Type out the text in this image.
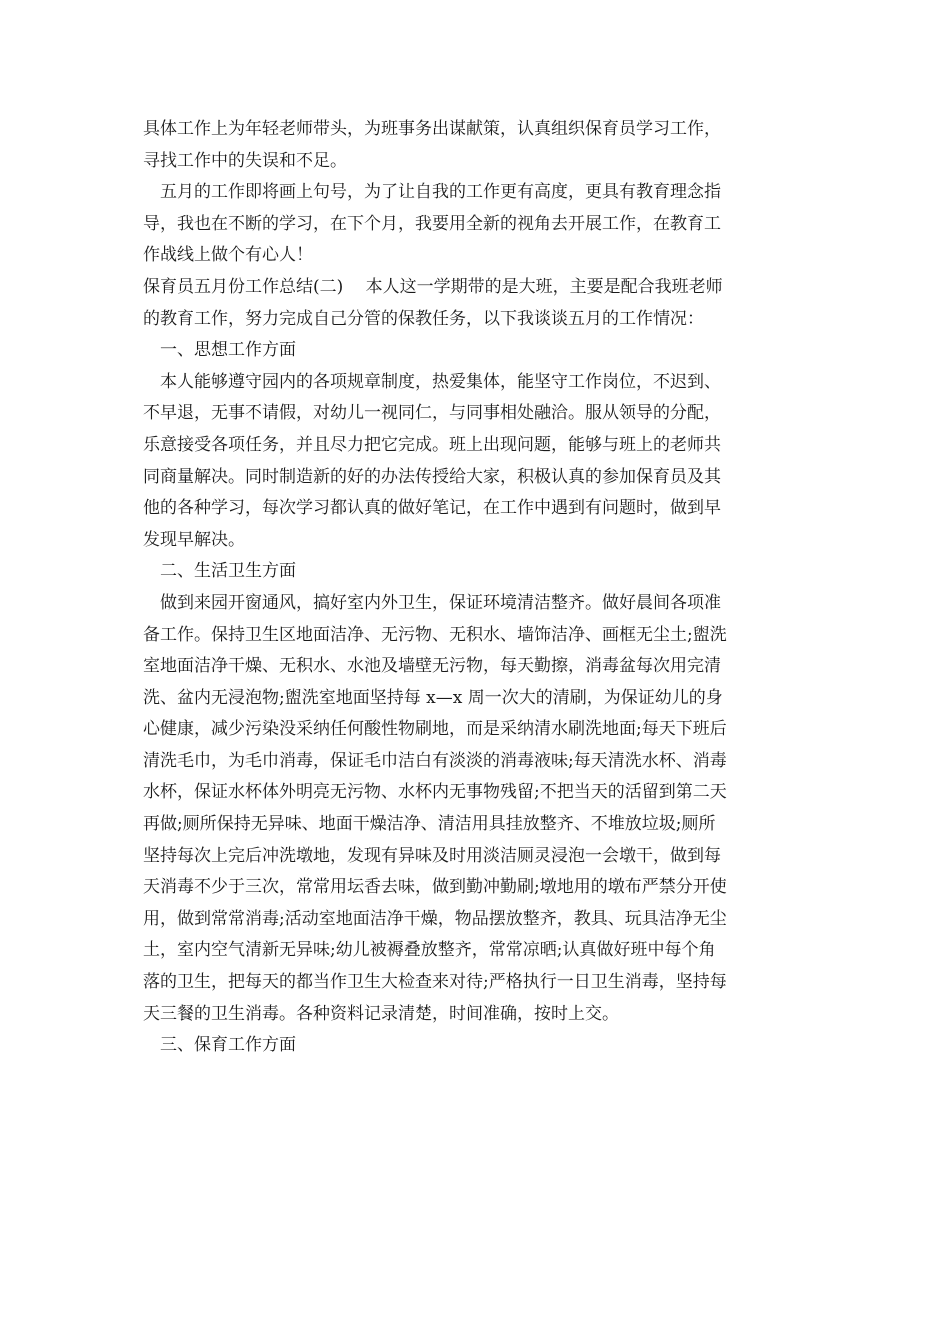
具体工作上为年轻老师带头，为班事务出谋献策，认真组织保育员学习工作，
寻找工作中的失误和不足。
　五月的工作即将画上句号，为了让自我的工作更有高度，更具有教育理念指
导，我也在不断的学习，在下个月，我要用全新的视角去开展工作，在教育工
作战线上做个有心人！
保育员五月份工作总结(二)　 本人这一学期带的是大班，主要是配合我班老师
的教育工作，努力完成自己分管的保教任务，以下我谈谈五月的工作情况：
　一、思想工作方面
　本人能够遵守园内的各项规章制度，热爱集体，能坚守工作岗位，不迟到、
不早退，无事不请假，对幼儿一视同仁，与同事相处融洽。服从领导的分配，
乐意接受各项任务，并且尽力把它完成。班上出现问题，能够与班上的老师共
同商量解决。同时制造新的好的办法传授给大家，积极认真的参加保育员及其
他的各种学习，每次学习都认真的做好笔记，在工作中遇到有问题时，做到早
发现早解决。
　二、生活卫生方面
　做到来园开窗通风，搞好室内外卫生，保证环境清洁整齐。做好晨间各项准
备工作。保持卫生区地面洁净、无污物、无积水、墙饰洁净、画框无尘土;盥洗
室地面洁净干燥、无积水、水池及墙壁无污物，每天勤擦，消毒盆每次用完清
洗、盆内无浸泡物;盥洗室地面坚持每 x—x 周一次大的清刷，为保证幼儿的身
心健康，减少污染没采纳任何酸性物刷地，而是采纳清水刷洗地面;每天下班后
清洗毛巾，为毛巾消毒，保证毛巾洁白有淡淡的消毒液味;每天清洗水杯、消毒
水杯，保证水杯体外明亮无污物、水杯内无事物残留;不把当天的活留到第二天
再做;厕所保持无异味、地面干燥洁净、清洁用具挂放整齐、不堆放垃圾;厕所
坚持每次上完后冲洗墩地，发现有异味及时用淡洁厕灵浸泡一会墩干，做到每
天消毒不少于三次，常常用坛香去味，做到勤冲勤刷;墩地用的墩布严禁分开使
用，做到常常消毒;活动室地面洁净干燥，物品摆放整齐，教具、玩具洁净无尘
土，室内空气清新无异味;幼儿被褥叠放整齐，常常凉晒;认真做好班中每个角
落的卫生，把每天的都当作卫生大检查来对待;严格执行一日卫生消毒，坚持每
天三餐的卫生消毒。各种资料记录清楚，时间准确，按时上交。
　三、保育工作方面
